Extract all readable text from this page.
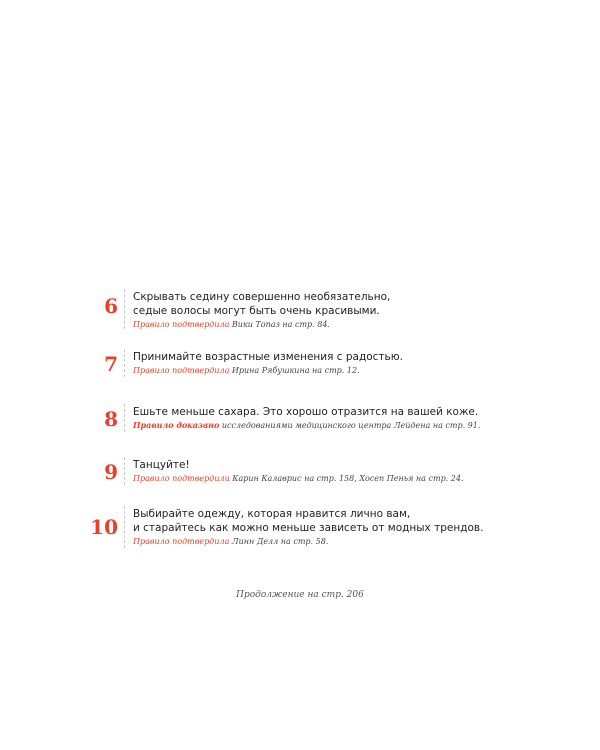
6 Скрывать седину совершенно необязательно,
седые волосы могут быть очень красивыми.
Правило подтвердила Вики Топаз на стр. 84.
7 Принимайте возрастные изменения с радостью.
Правило подтвердила Ирина Рябушкина на стр. 12.
8 Ешьте меньше сахара. Это хорошо отразится на вашей коже.
Правило доказано исследованиями медицинского центра Лейдена на стр. 91.
9 Танцуйте!
Правило подтвердили Карин Калаврис на стр. 158, Хосеп Пенья на стр. 24.
10
Выбирайте одежду, которая нравится лично вам,
и старайтесь как можно меньше зависеть от модных трендов.
Правило подтвердила Линн Делл на стр. 58.
Продолжение на стр. 206
